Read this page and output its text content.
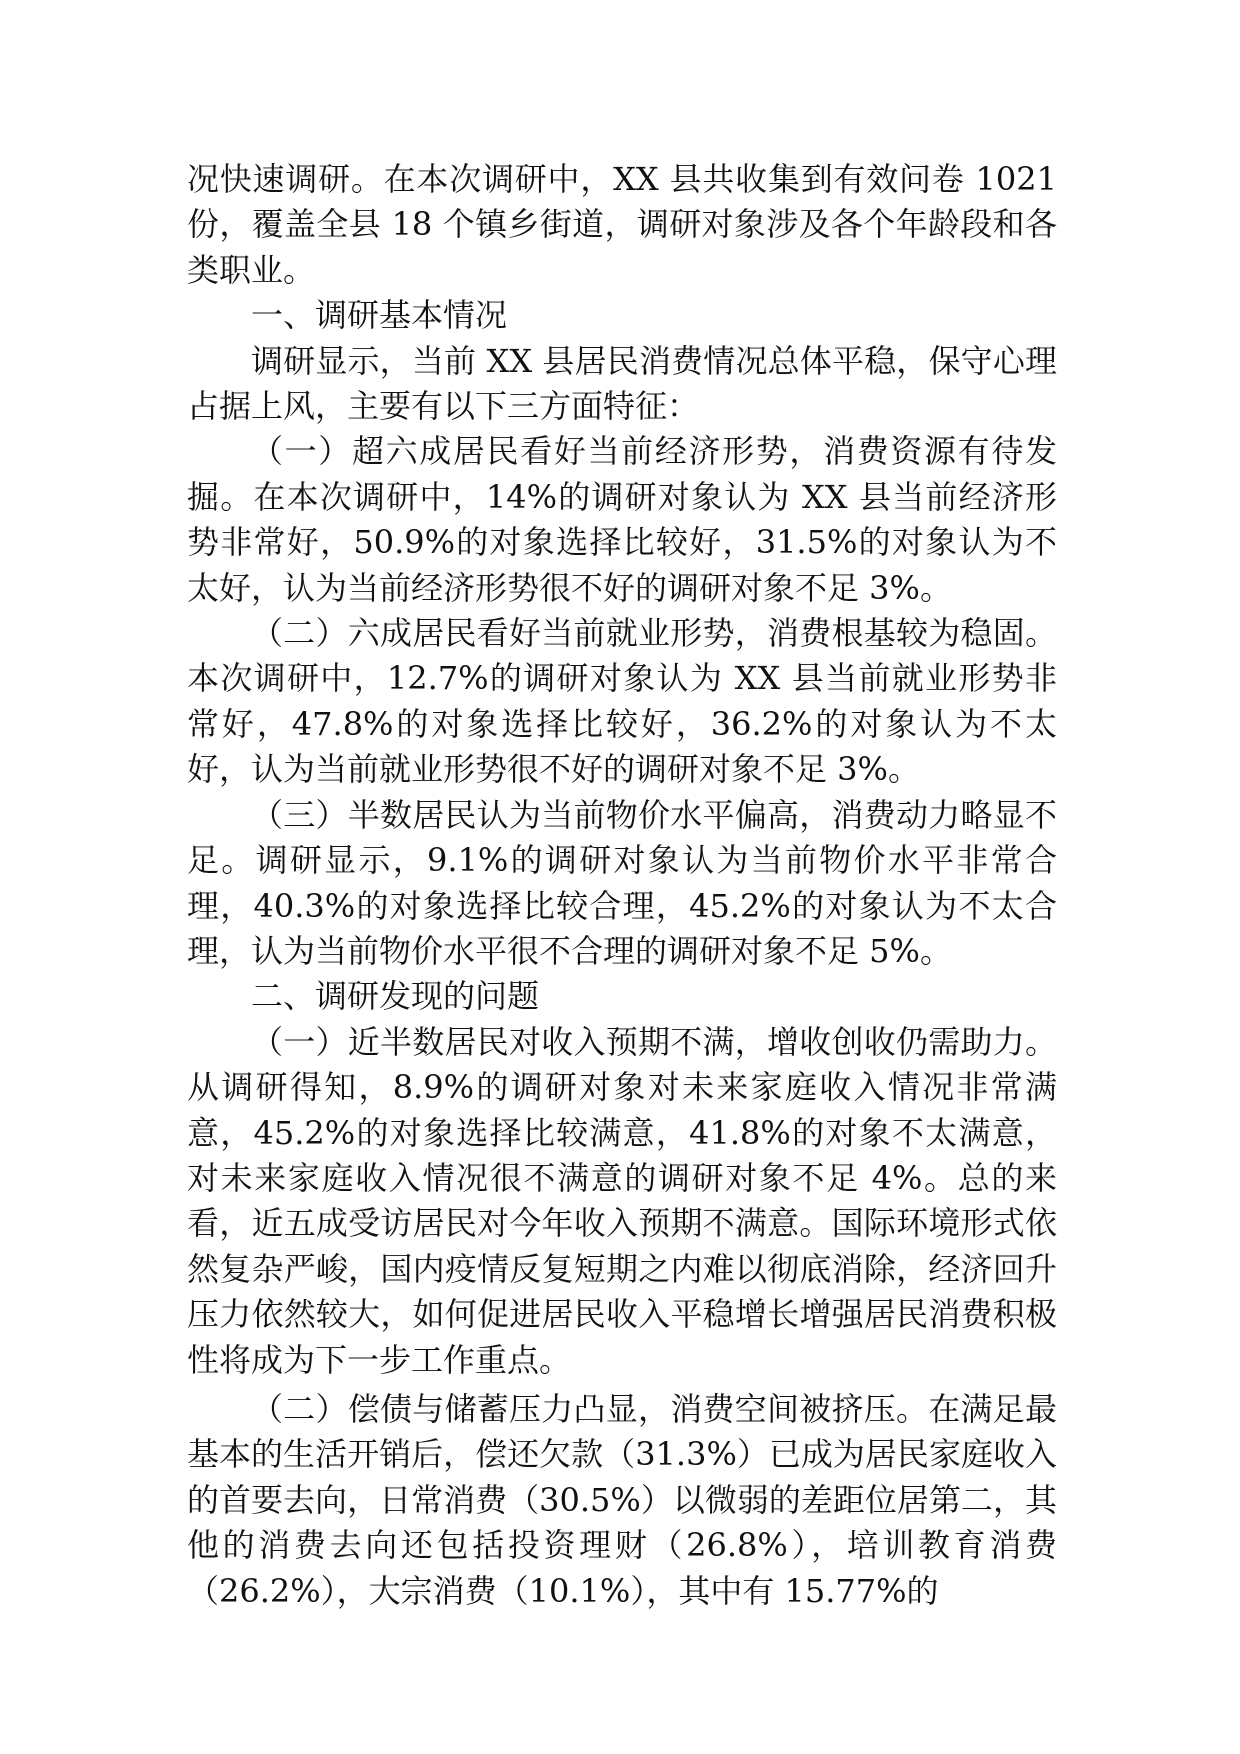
况快速调研。在本次调研中，XX 县共收集到有效问卷 1021 份，覆盖全县 18 个镇乡街道，调研对象涉及各个年龄段和各类职业。

一、调研基本情况

调研显示，当前 XX 县居民消费情况总体平稳，保守心理占据上风，主要有以下三方面特征：

（一）超六成居民看好当前经济形势，消费资源有待发掘。在本次调研中，14%的调研对象认为 XX 县当前经济形势非常好，50.9%的对象选择比较好，31.5%的对象认为不太好，认为当前经济形势很不好的调研对象不足 3%。

（二）六成居民看好当前就业形势，消费根基较为稳固。本次调研中，12.7%的调研对象认为 XX 县当前就业形势非常好，47.8%的对象选择比较好，36.2%的对象认为不太好，认为当前就业形势很不好的调研对象不足 3%。

（三）半数居民认为当前物价水平偏高，消费动力略显不足。调研显示，9.1%的调研对象认为当前物价水平非常合理，40.3%的对象选择比较合理，45.2%的对象认为不太合理，认为当前物价水平很不合理的调研对象不足 5%。

二、调研发现的问题

（一）近半数居民对收入预期不满，增收创收仍需助力。从调研得知，8.9%的调研对象对未来家庭收入情况非常满意，45.2%的对象选择比较满意，41.8%的对象不太满意，对未来家庭收入情况很不满意的调研对象不足 4%。总的来看，近五成受访居民对今年收入预期不满意。国际环境形式依然复杂严峻，国内疫情反复短期之内难以彻底消除，经济回升压力依然较大，如何促进居民收入平稳增长增强居民消费积极性将成为下一步工作重点。

（二）偿债与储蓄压力凸显，消费空间被挤压。在满足最基本的生活开销后，偿还欠款（31.3%）已成为居民家庭收入的首要去向，日常消费（30.5%）以微弱的差距位居第二，其他的消费去向还包括投资理财（26.8%），培训教育消费（26.2%），大宗消费（10.1%），其中有 15.77%的
